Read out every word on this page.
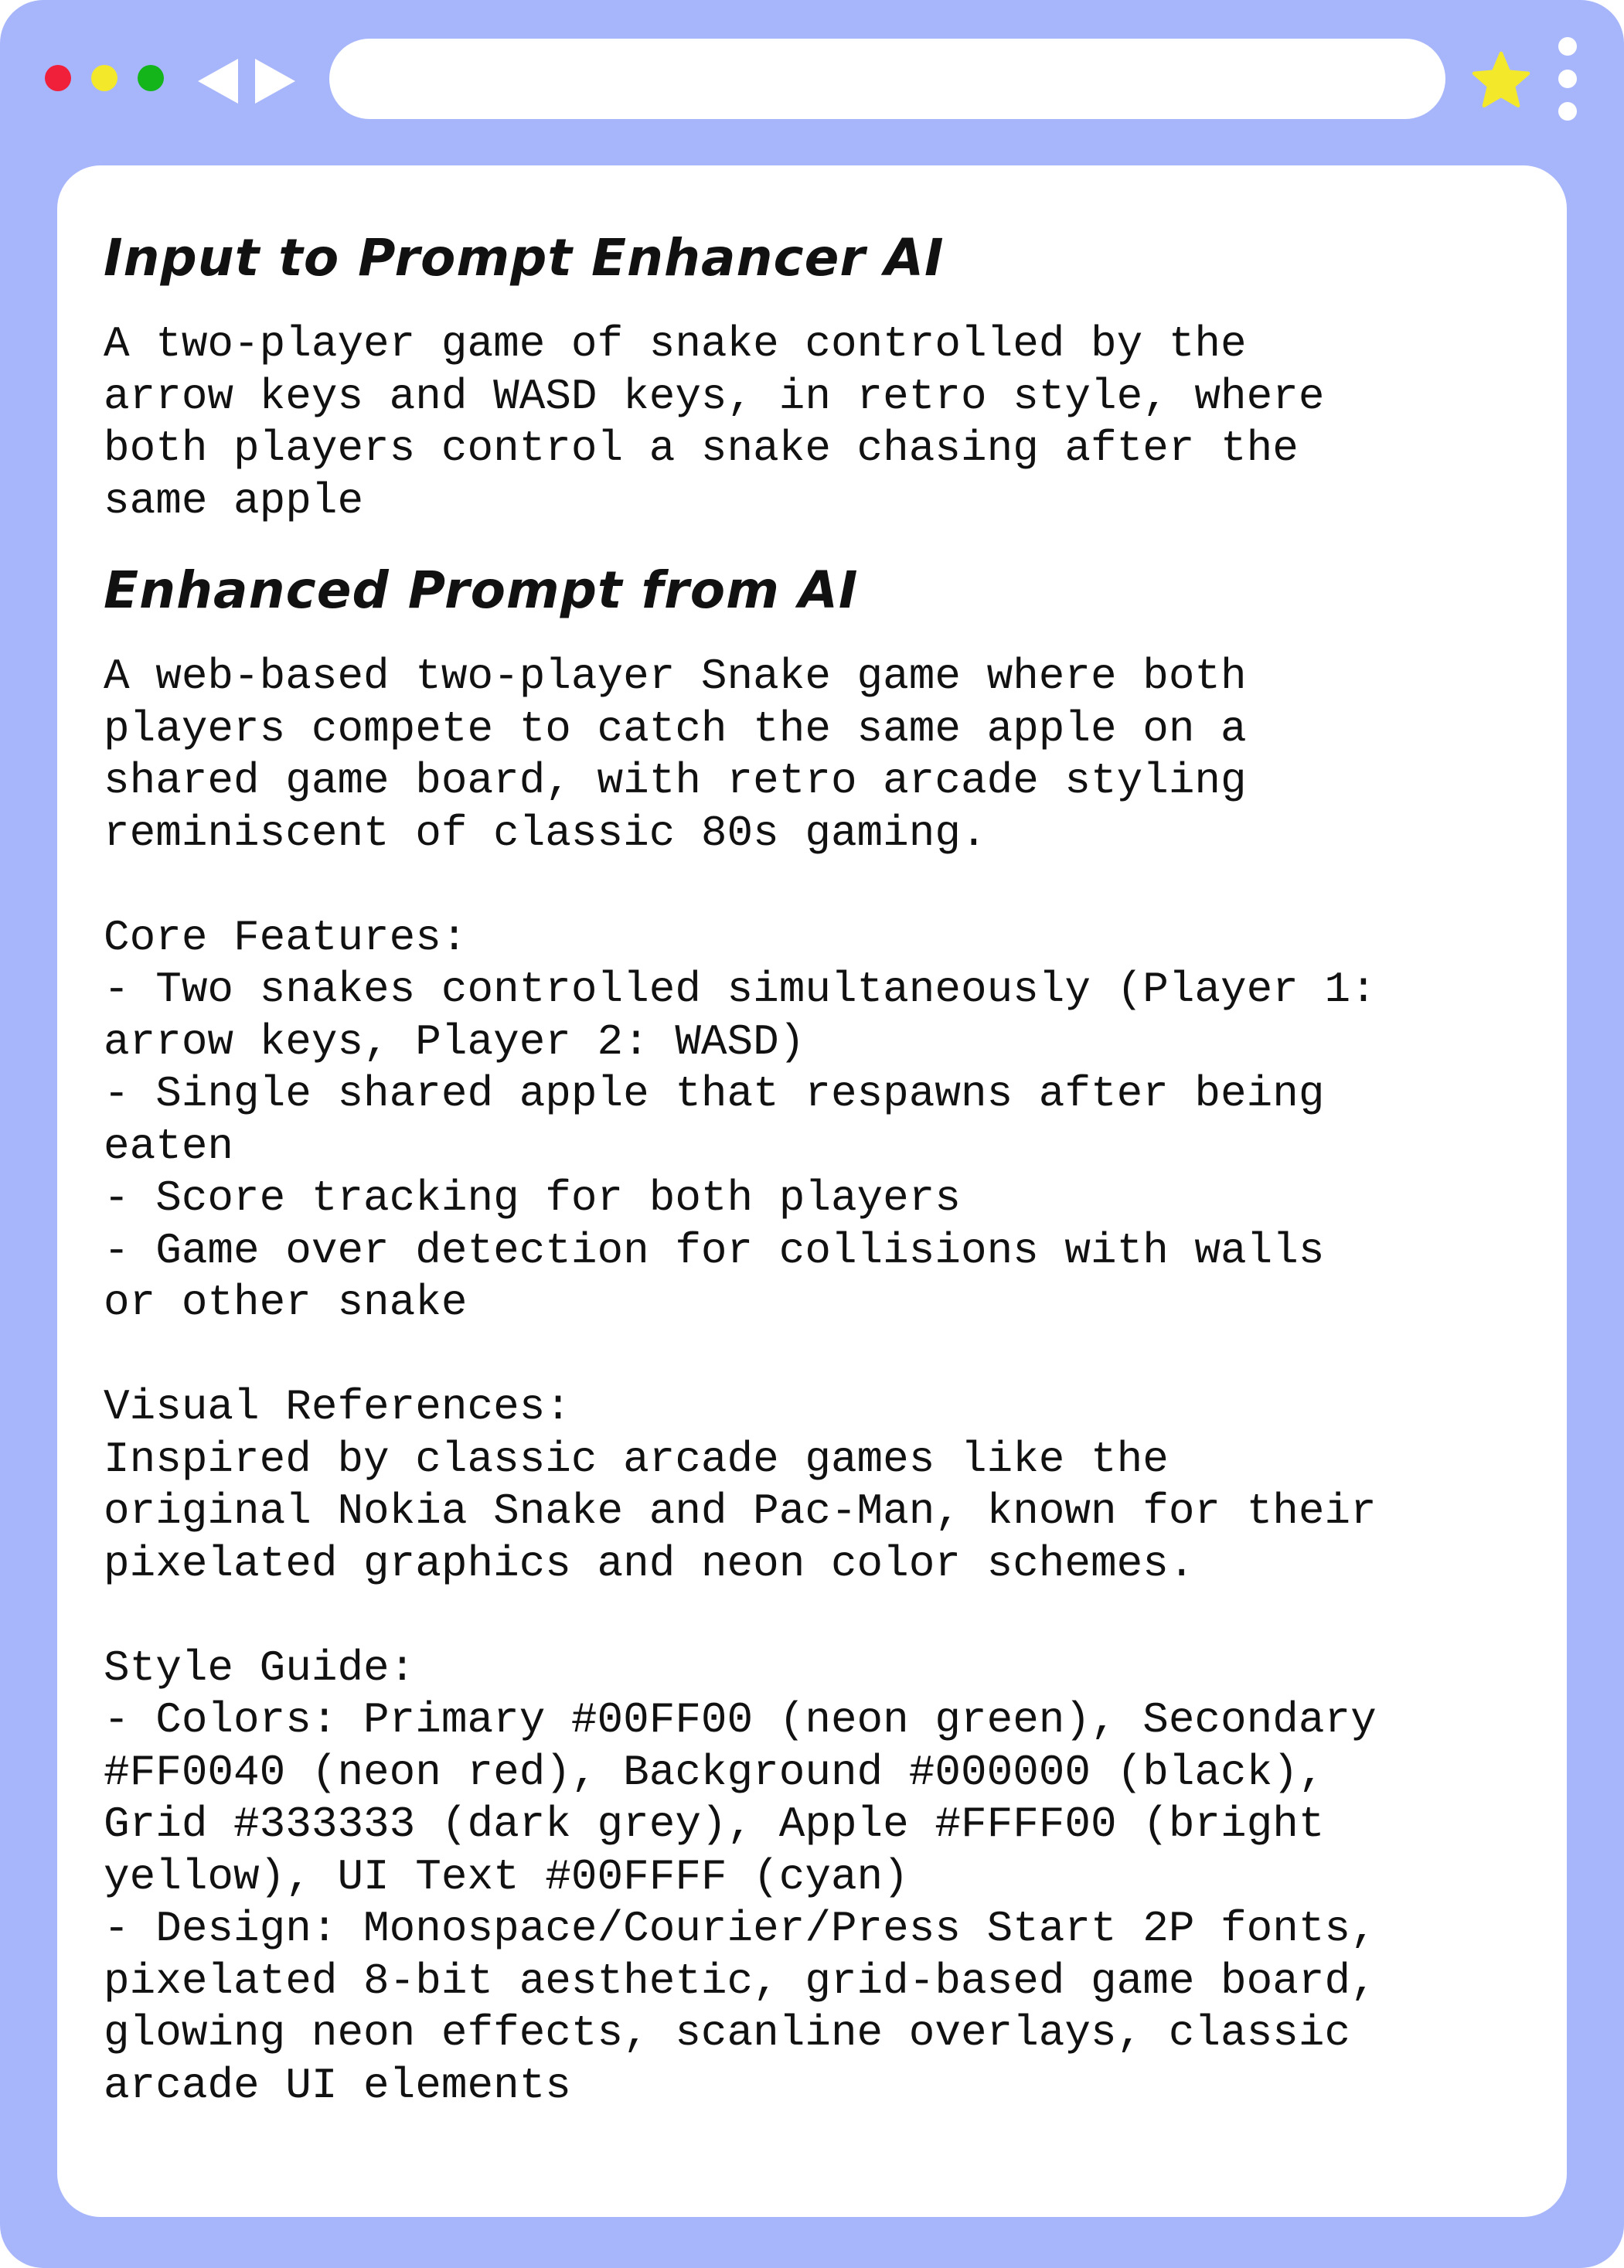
Input to Prompt Enhancer AI

A two-player game of snake controlled by the
arrow keys and WASD keys, in retro style, where
both players control a snake chasing after the
same apple

Enhanced Prompt from AI

A web-based two-player Snake game where both
players compete to catch the same apple on a
shared game board, with retro arcade styling
reminiscent of classic 80s gaming.

Core Features:
- Two snakes controlled simultaneously (Player 1:
arrow keys, Player 2: WASD)
- Single shared apple that respawns after being
eaten
- Score tracking for both players
- Game over detection for collisions with walls
or other snake

Visual References:
Inspired by classic arcade games like the
original Nokia Snake and Pac-Man, known for their
pixelated graphics and neon color schemes.

Style Guide:
- Colors: Primary #00FF00 (neon green), Secondary
#FF0040 (neon red), Background #000000 (black),
Grid #333333 (dark grey), Apple #FFFF00 (bright
yellow), UI Text #00FFFF (cyan)
- Design: Monospace/Courier/Press Start 2P fonts,
pixelated 8-bit aesthetic, grid-based game board,
glowing neon effects, scanline overlays, classic
arcade UI elements
